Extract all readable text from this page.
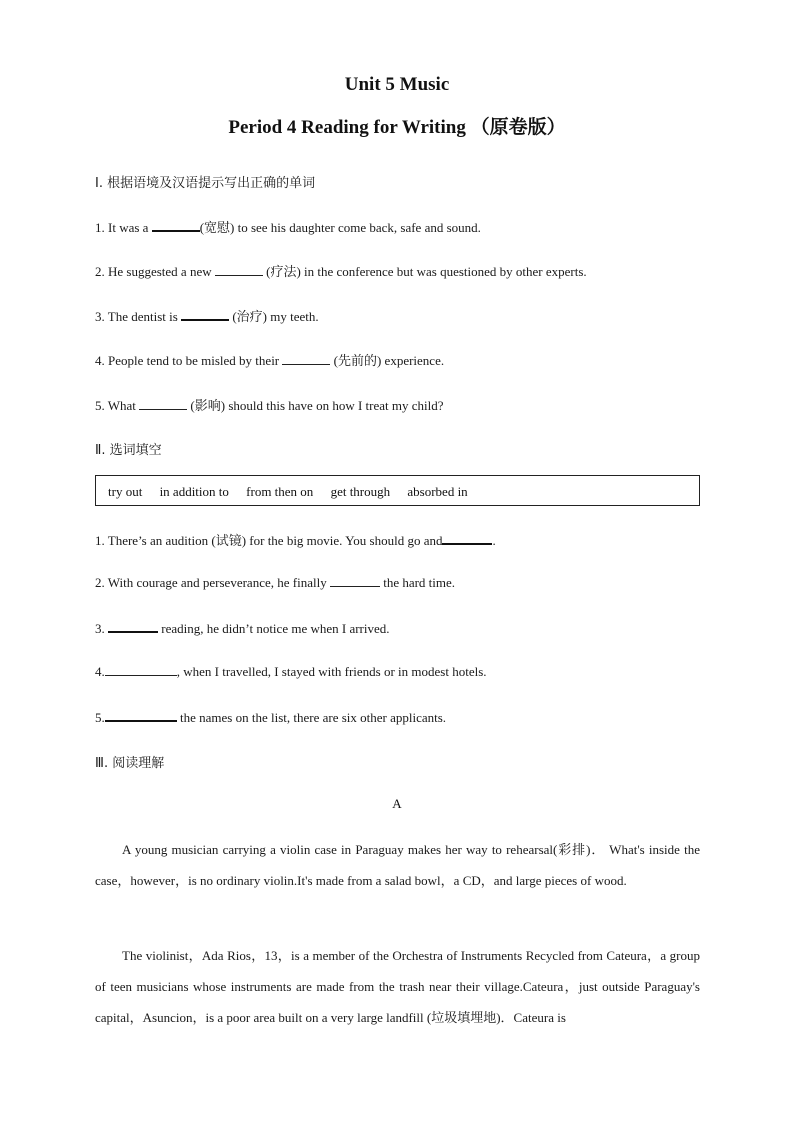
Unit 5 Music
Period 4 Reading for Writing （原卷版）
Ⅰ. 根据语境及汉语提示写出正确的单词
1. It was a	(宽慰) to see his daughter come back, safe and sound.
2. He suggested a new	(疗法) in the conference but was questioned by other experts.
3. The dentist is	(治疗) my teeth.
4. People tend to be misled by their	(先前的) experience.
5. What	(影响) should this have on how I treat my child?
Ⅱ. 选词填空
try out in addition to from then on get through absorbed in
1. There’s an audition (试镜) for the big movie. You should go and	.
2. With courage and perseverance, he finally	the hard time.
3.	reading, he didn’t notice me when I arrived.
4.	, when I travelled, I stayed with friends or in modest hotels.
5.	the names on the list, there are six other applicants.
Ⅲ. 阅读理解
A
A young musician carrying a violin case in Paraguay makes her way to rehearsal(彩排)． What's inside the case，however，is no ordinary violin.It's made from a salad bowl，a CD，and large pieces of wood.
The violinist，Ada Rios，13，is a member of the Orchestra of Instruments Recycled from Cateura，a group of teen musicians whose instruments are made from the trash near their village.Cateura，just outside Paraguay's capital，Asuncion，is a poor area built on a very large landfill (垃圾填埋地)．Cateura is
